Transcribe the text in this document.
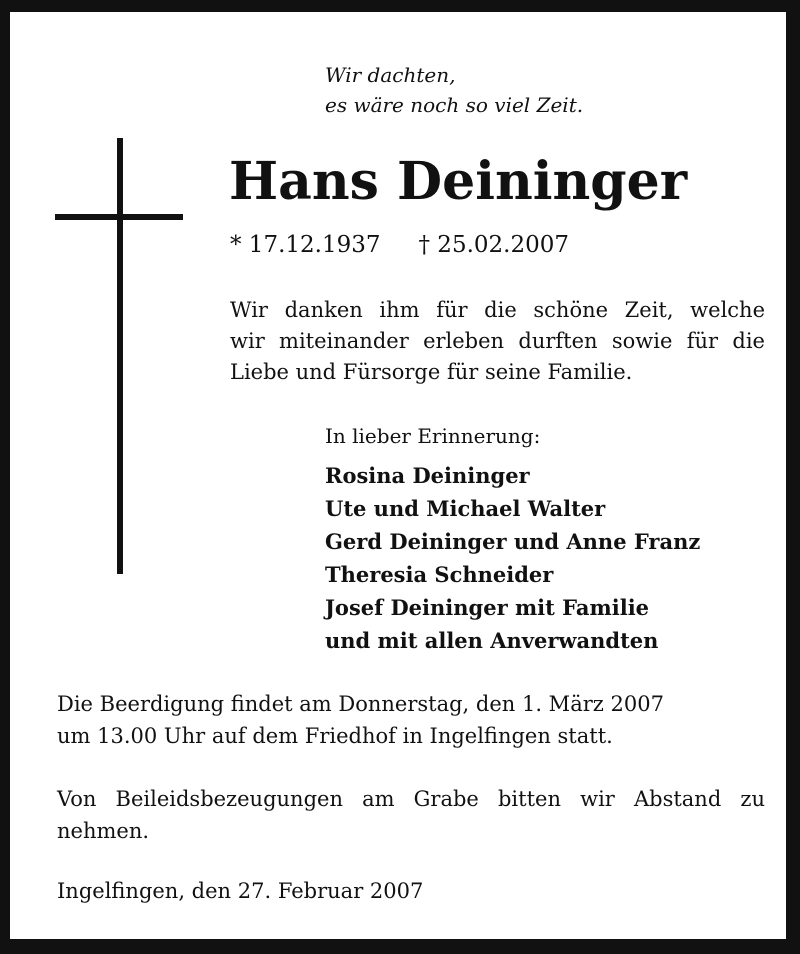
Wir dachten,
es wäre noch so viel Zeit.
Hans Deininger
* 17.12.1937 † 25.02.2007
Wir danken ihm für die schöne Zeit, welche
wir miteinander erleben durften sowie für die
Liebe und Fürsorge für seine Familie.
In lieber Erinnerung:
Rosina Deininger
Ute und Michael Walter
Gerd Deininger und Anne Franz
Theresia Schneider
Josef Deininger mit Familie
und mit allen Anverwandten
Die Beerdigung findet am Donnerstag, den 1. März 2007
um 13.00 Uhr auf dem Friedhof in Ingelfingen statt.
Von Beileidsbezeugungen am Grabe bitten wir Abstand zu
nehmen.
Ingelfingen, den 27. Februar 2007
